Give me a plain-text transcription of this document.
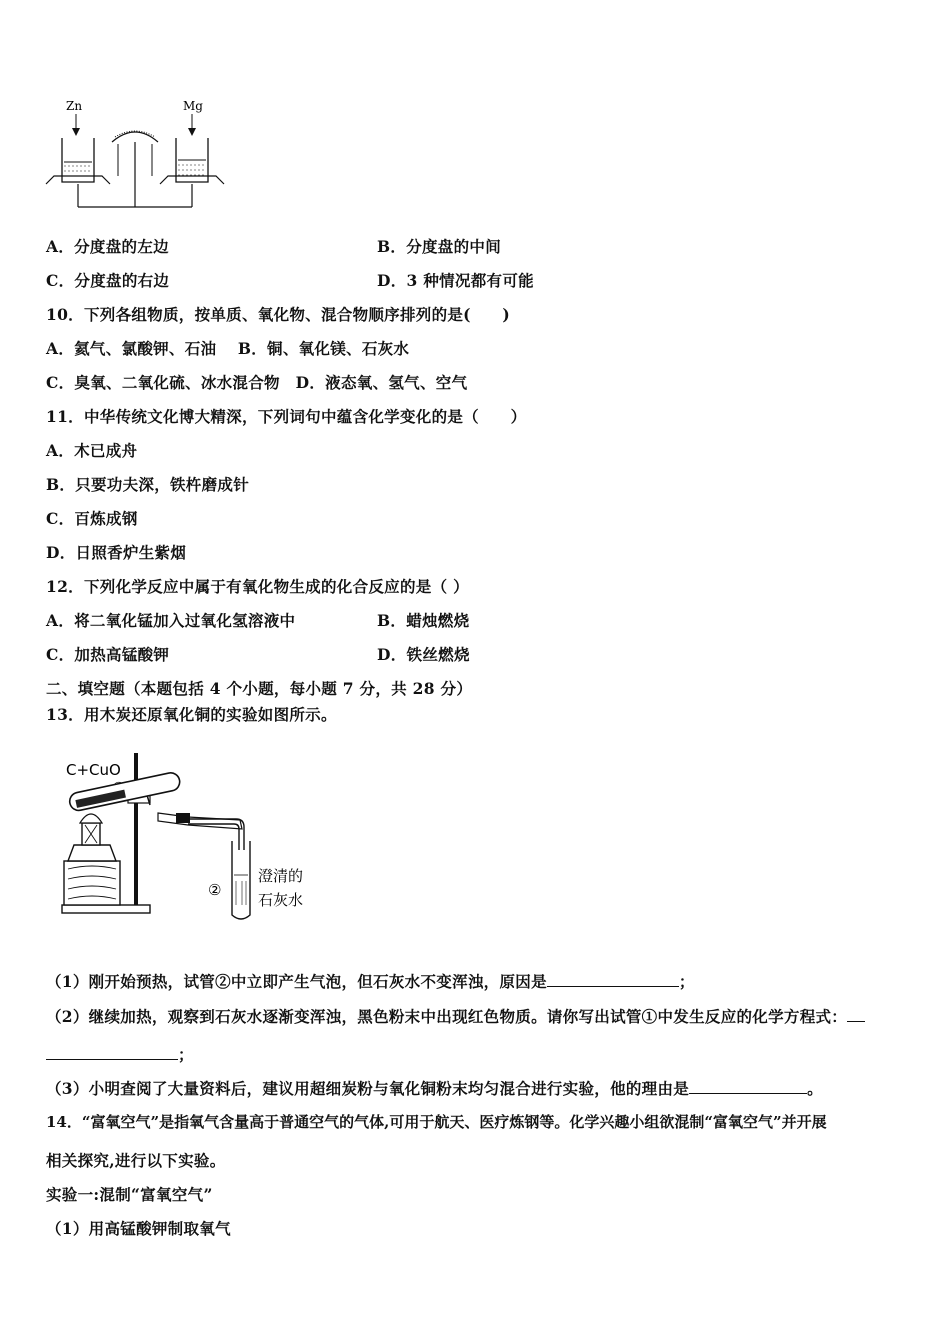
Zn	Mg
A．分度盘的左边	B．分度盘的中间
C．分度盘的右边	D．3 种情况都有可能
10．下列各组物质，按单质、氧化物、混合物顺序排列的是(　　)
A．氦气、氯酸钾、石油　 B．铜、氧化镁、石灰水
C．臭氧、二氧化硫、冰水混合物　D．液态氧、氢气、空气
11．中华传统文化博大精深，下列词句中蕴含化学变化的是（　　）
A．木已成舟
B．只要功夫深，铁杵磨成针
C．百炼成钢
D．日照香炉生紫烟
12．下列化学反应中属于有氧化物生成的化合反应的是（ ）
A．将二氧化锰加入过氧化氢溶液中	B．蜡烛燃烧
C．加热高锰酸钾	D．铁丝燃烧
二、填空题（本题包括 4 个小题，每小题 7 分，共 28 分）
13．用木炭还原氧化铜的实验如图所示。
C+CuO
②
澄清的
石灰水
（1）刚开始预热，试管②中立即产生气泡，但石灰水不变浑浊，原因是	；
（2）继续加热，观察到石灰水逐渐变浑浊，黑色粉末中出现红色物质。请你写出试管①中发生反应的化学方程式：
；
（3）小明查阅了大量资料后，建议用超细炭粉与氧化铜粉末均匀混合进行实验，他的理由是	。
14．“富氧空气”是指氧气含量高于普通空气的气体,可用于航天、医疗炼钢等。化学兴趣小组欲混制“富氧空气”并开展
相关探究,进行以下实验。
实验一:混制“富氧空气”
（1）用高锰酸钾制取氧气
